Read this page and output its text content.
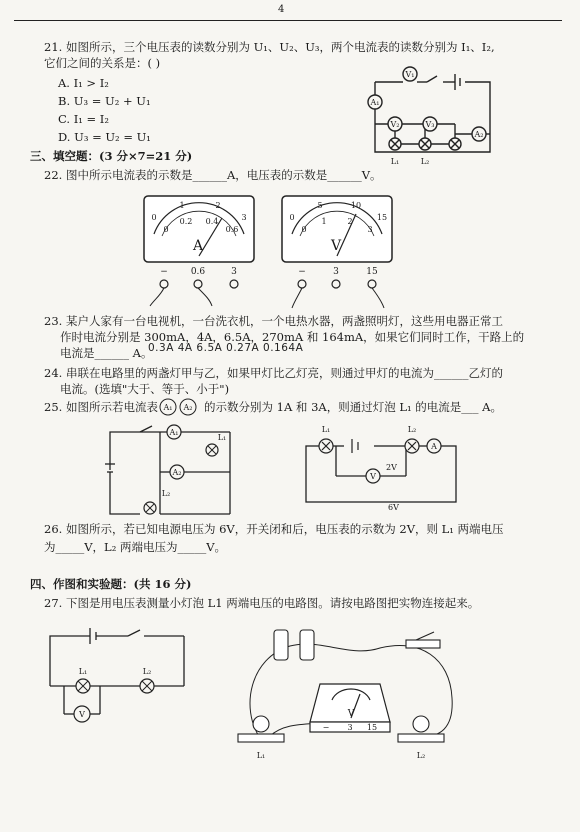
4
21. 如图所示，三个电压表的读数分别为 U₁、U₂、U₃，两个电流表的读数分别为 I₁、I₂,
它们之间的关系是：( )
A. I₁ > I₂
B. U₃ = U₂ + U₁
C. I₁ = I₂
D. U₃ = U₂ = U₁
V₁
A₁
V₂	V₃
A₂
L₁	L₂
三、填空题：(3 分×7=21 分)
22. 图中所示电流表的示数是______A，电压表的示数是______V。
0
1	2
3
0
0.2 0.4
0.6
A
−	0.6	3
0
5	10
15
0
1	2
3
V
−	3	15
23. 某户人家有一台电视机，一台洗衣机，一个电热水器，两盏照明灯，这些用电器正常工
作时电流分别是 300mA，4A，6.5A，270mA 和 164mA，如果它们同时工作，干路上的
电流是______ A。
0.3A 4A 6.5A 0.27A 0.164A
24. 串联在电路里的两盏灯甲与乙，如果甲灯比乙灯亮，则通过甲灯的电流为______乙灯的
电流。(选填"大于、等于、小于")
25. 如图所示若电流表 A₁ A₂ 的示数分别为 1A 和 3A，则通过灯泡 L₁ 的电流是___ A。
A₁
L₁
A₂
L₂
L₁	L₂
A
V
2V
6V
26. 如图所示，若已知电源电压为 6V，开关闭和后，电压表的示数为 2V，则 L₁ 两端电压
为_____V，L₂ 两端电压为_____V。
四、作图和实验题：(共 16 分)
27. 下图是用电压表测量小灯泡 L1 两端电压的电路图。请按电路图把实物连接起来。
L₁	L₂
V	V
− 3 15
L₁	L₂
